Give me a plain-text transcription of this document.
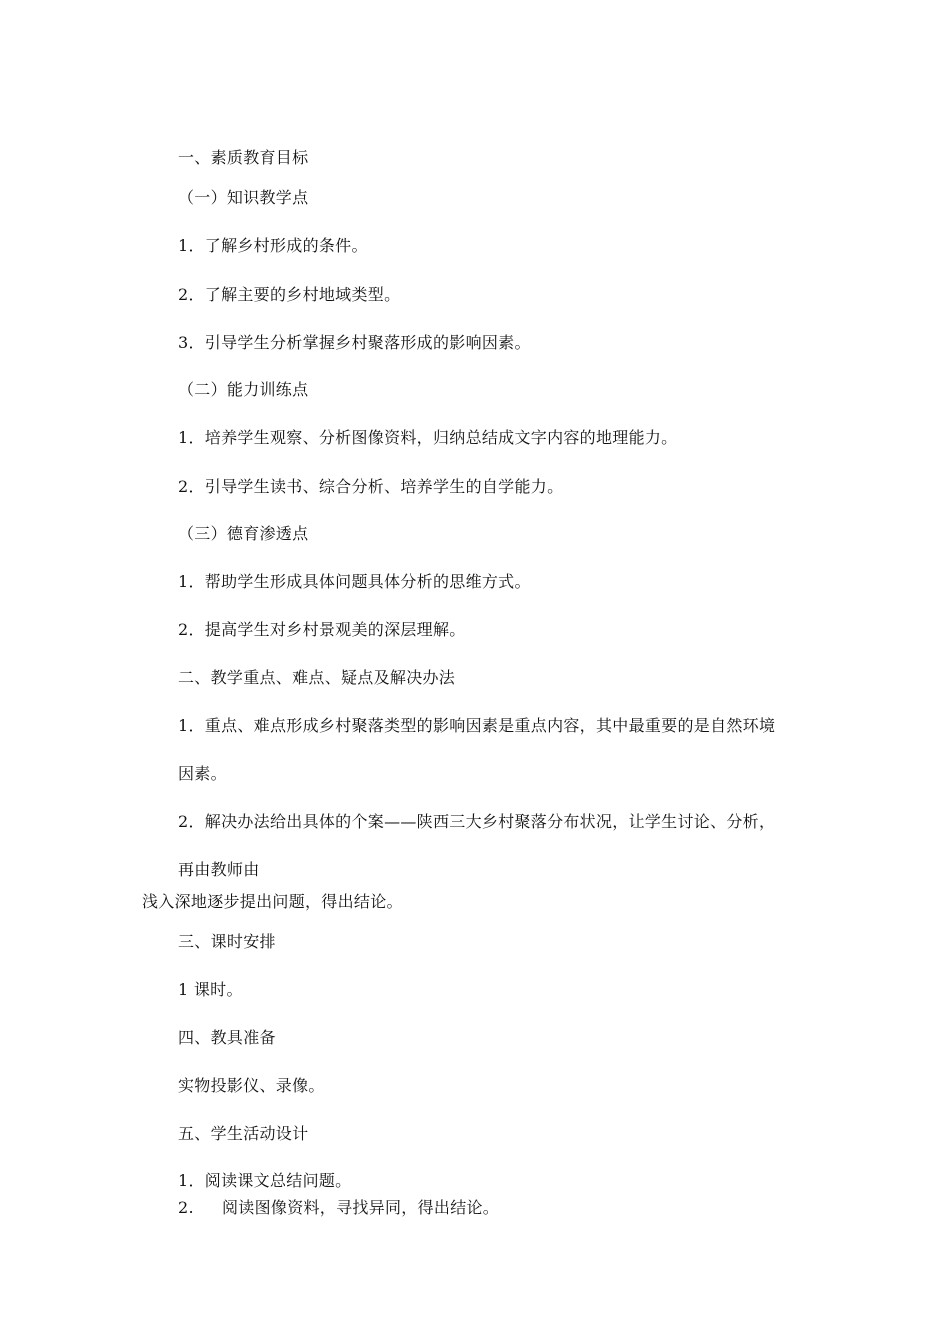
一、素质教育目标
（一）知识教学点
1．了解乡村形成的条件。
2．了解主要的乡村地域类型。
3．引导学生分析掌握乡村聚落形成的影响因素。
（二）能力训练点
1．培养学生观察、分析图像资料，归纳总结成文字内容的地理能力。
2．引导学生读书、综合分析、培养学生的自学能力。
（三）德育渗透点
1．帮助学生形成具体问题具体分析的思维方式。
2．提高学生对乡村景观美的深层理解。
二、教学重点、难点、疑点及解决办法
1．重点、难点形成乡村聚落类型的影响因素是重点内容，其中最重要的是自然环境
因素。
2．解决办法给出具体的个案——陕西三大乡村聚落分布状况，让学生讨论、分析，
再由教师由
浅入深地逐步提出问题，得出结论。
三、课时安排
1 课时。
四、教具准备
实物投影仪、录像。
五、学生活动设计
1．阅读课文总结问题。
2. 阅读图像资料，寻找异同，得出结论。
